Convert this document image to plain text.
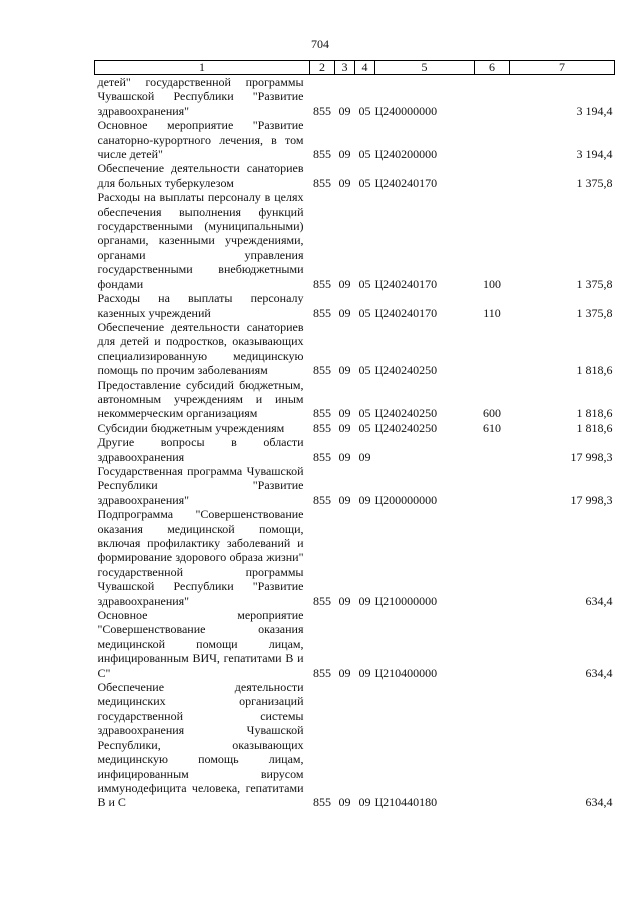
704
1	2	3	4	5	6	7
детей" государственной программы Чувашской Республики "Развитие здравоохранения"	855	09	05	Ц240000000		3 194,4
Основное мероприятие "Развитие санаторно-курортного лечения, в том числе детей"	855	09	05	Ц240200000		3 194,4
Обеспечение деятельности санаториев для больных туберкулезом	855	09	05	Ц240240170		1 375,8
Расходы на выплаты персоналу в целях обеспечения выполнения функций государственными (муниципальными) органами, казенными учреждениями, органами управления государственными внебюджетными фондами	855	09	05	Ц240240170	100	1 375,8
Расходы на выплаты персоналу казенных учреждений	855	09	05	Ц240240170	110	1 375,8
Обеспечение деятельности санаториев для детей и подростков, оказывающих специализированную медицинскую помощь по прочим заболеваниям	855	09	05	Ц240240250		1 818,6
Предоставление субсидий бюджетным, автономным учреждениям и иным некоммерческим организациям	855	09	05	Ц240240250	600	1 818,6
Субсидии бюджетным учреждениям	855	09	05	Ц240240250	610	1 818,6
Другие вопросы в области здравоохранения	855	09	09			17 998,3
Государственная программа Чувашской Республики "Развитие здравоохранения"	855	09	09	Ц200000000		17 998,3
Подпрограмма "Совершенствование оказания медицинской помощи, включая профилактику заболеваний и формирование здорового образа жизни" государственной программы Чувашской Республики "Развитие здравоохранения"	855	09	09	Ц210000000		634,4
Основное мероприятие "Совершенствование оказания медицинской помощи лицам, инфицированным ВИЧ, гепатитами В и С"	855	09	09	Ц210400000		634,4
Обеспечение деятельности медицинских организаций государственной системы здравоохранения Чувашской Республики, оказывающих медицинскую помощь лицам, инфицированным вирусом иммунодефицита человека, гепатитами В и С	855	09	09	Ц210440180		634,4
